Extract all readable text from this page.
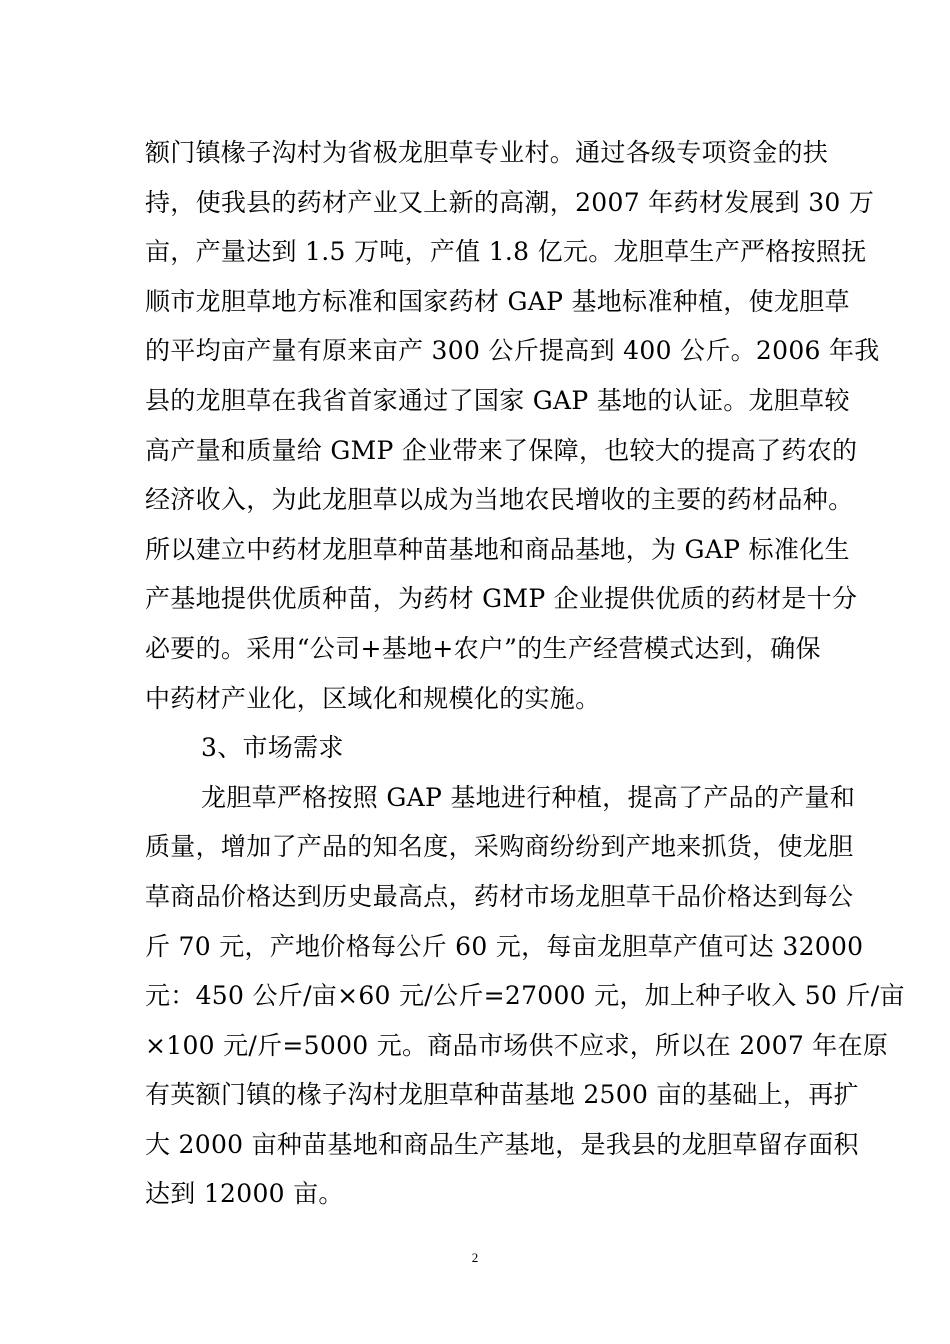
额门镇椽子沟村为省极龙胆草专业村。通过各级专项资金的扶
持，使我县的药材产业又上新的高潮，2007 年药材发展到 30 万
亩，产量达到 1.5 万吨，产值 1.8 亿元。龙胆草生产严格按照抚
顺市龙胆草地方标准和国家药材 GAP 基地标准种植，使龙胆草
的平均亩产量有原来亩产 300 公斤提高到 400 公斤。2006 年我
县的龙胆草在我省首家通过了国家 GAP 基地的认证。龙胆草较
高产量和质量给 GMP 企业带来了保障，也较大的提高了药农的
经济收入，为此龙胆草以成为当地农民增收的主要的药材品种。
所以建立中药材龙胆草种苗基地和商品基地，为 GAP 标准化生
产基地提供优质种苗，为药材 GMP 企业提供优质的药材是十分
必要的。采用“公司+基地+农户”的生产经营模式达到，确保
中药材产业化，区域化和规模化的实施。
3、市场需求
龙胆草严格按照 GAP 基地进行种植，提高了产品的产量和
质量，增加了产品的知名度，采购商纷纷到产地来抓货，使龙胆
草商品价格达到历史最高点，药材市场龙胆草干品价格达到每公
斤 70 元，产地价格每公斤 60 元，每亩龙胆草产值可达 32000
元：450 公斤/亩×60 元/公斤=27000 元，加上种子收入 50 斤/亩
×100 元/斤=5000 元。商品市场供不应求，所以在 2007 年在原
有英额门镇的椽子沟村龙胆草种苗基地 2500 亩的基础上，再扩
大 2000 亩种苗基地和商品生产基地，是我县的龙胆草留存面积
达到 12000 亩。
2
